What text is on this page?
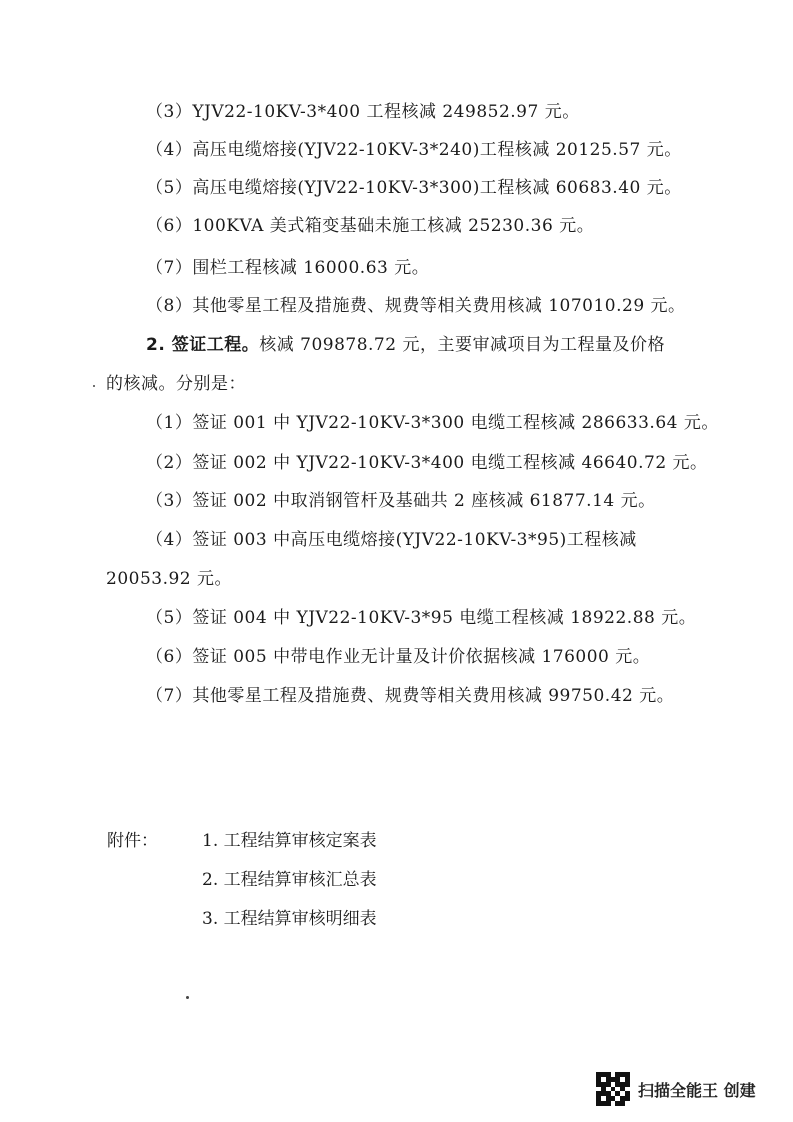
（3）YJV22-10KV-3*400 工程核减 249852.97 元。
（4）高压电缆熔接(YJV22-10KV-3*240)工程核减 20125.57 元。
（5）高压电缆熔接(YJV22-10KV-3*300)工程核减 60683.40 元。
（6）100KVA 美式箱变基础未施工核减 25230.36 元。
（7）围栏工程核减 16000.63 元。
（8）其他零星工程及措施费、规费等相关费用核减 107010.29 元。
2. 签证工程。核减 709878.72 元，主要审减项目为工程量及价格
的核减。分别是：
（1）签证 001 中 YJV22-10KV-3*300 电缆工程核减 286633.64 元。
（2）签证 002 中 YJV22-10KV-3*400 电缆工程核减 46640.72 元。
（3）签证 002 中取消钢管杆及基础共 2 座核减 61877.14 元。
（4）签证 003 中高压电缆熔接(YJV22-10KV-3*95)工程核减
20053.92 元。
（5）签证 004 中 YJV22-10KV-3*95 电缆工程核减 18922.88 元。
（6）签证 005 中带电作业无计量及计价依据核减 176000 元。
（7）其他零星工程及措施费、规费等相关费用核减 99750.42 元。
附件：	1. 工程结算审核定案表
2. 工程结算审核汇总表
3. 工程结算审核明细表
扫描全能王 创建
